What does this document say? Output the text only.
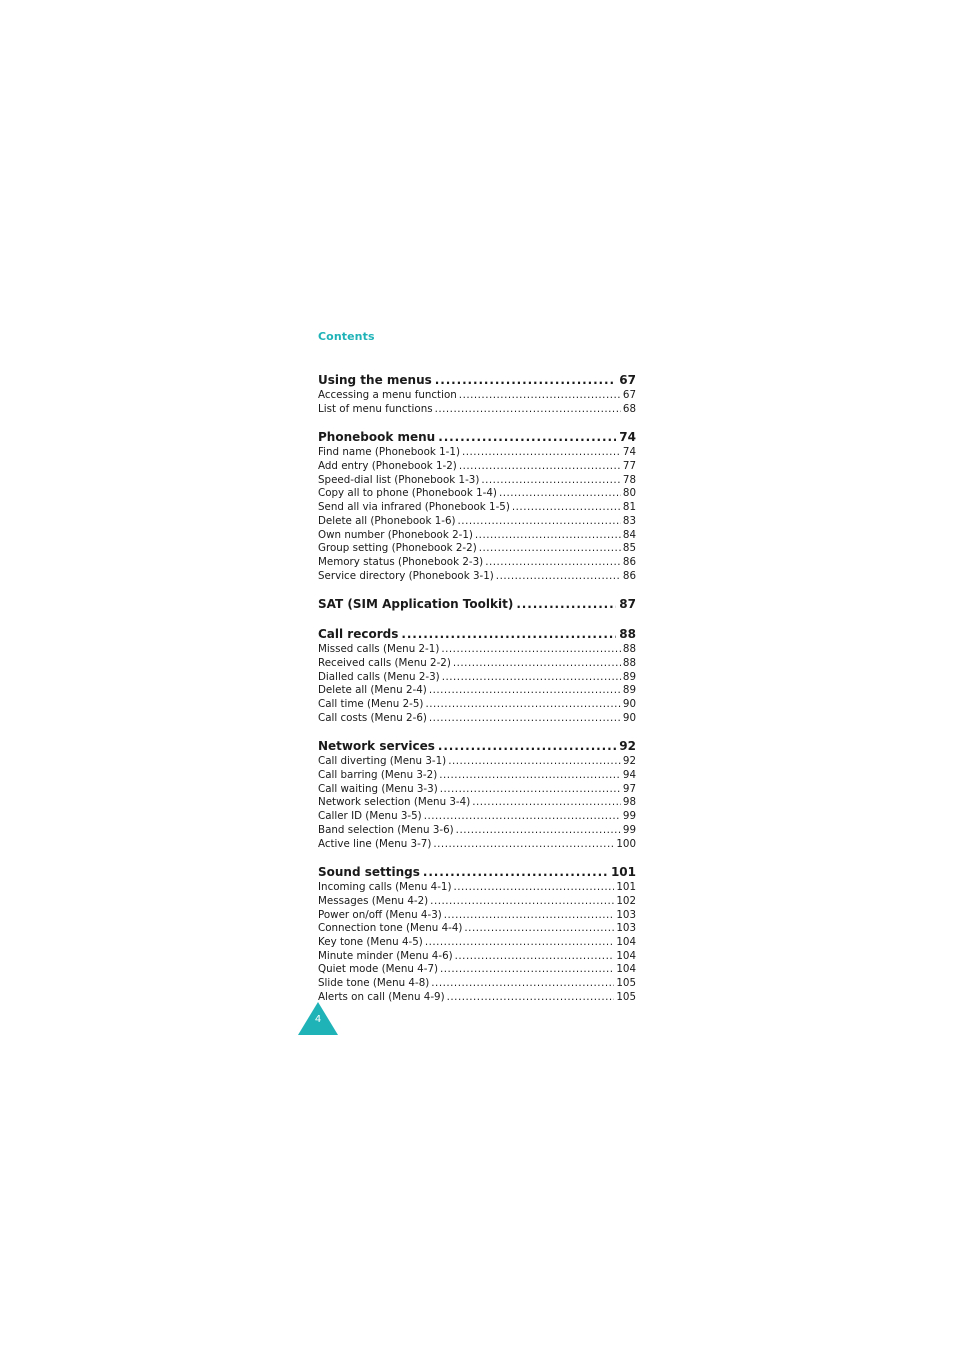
Contents
Using the menus .....	67
Accessing a menu function .....	67
List of menu functions .....	68
Phonebook menu .....	74
Find name (Phonebook 1-1) .....	74
Add entry (Phonebook 1-2) .....	77
Speed-dial list (Phonebook 1-3) .....	78
Copy all to phone (Phonebook 1-4) .....	80
Send all via infrared (Phonebook 1-5) .....	81
Delete all (Phonebook 1-6) .....	83
Own number (Phonebook 2-1) .....	84
Group setting (Phonebook 2-2) .....	85
Memory status (Phonebook 2-3) .....	86
Service directory (Phonebook 3-1) .....	86
SAT (SIM Application Toolkit) .....	87
Call records .....	88
Missed calls (Menu 2-1) .....	88
Received calls (Menu 2-2) .....	88
Dialled calls (Menu 2-3) .....	89
Delete all (Menu 2-4) .....	89
Call time (Menu 2-5) .....	90
Call costs (Menu 2-6) .....	90
Network services .....	92
Call diverting (Menu 3-1) .....	92
Call barring (Menu 3-2) .....	94
Call waiting (Menu 3-3) .....	97
Network selection (Menu 3-4) .....	98
Caller ID (Menu 3-5) .....	99
Band selection (Menu 3-6) .....	99
Active line (Menu 3-7) .....	100
Sound settings .....	101
Incoming calls (Menu 4-1) .....	101
Messages (Menu 4-2) .....	102
Power on/off (Menu 4-3) .....	103
Connection tone (Menu 4-4) .....	103
Key tone (Menu 4-5) .....	104
Minute minder (Menu 4-6) .....	104
Quiet mode (Menu 4-7) .....	104
Slide tone (Menu 4-8) .....	105
Alerts on call (Menu 4-9) .....	105
4
